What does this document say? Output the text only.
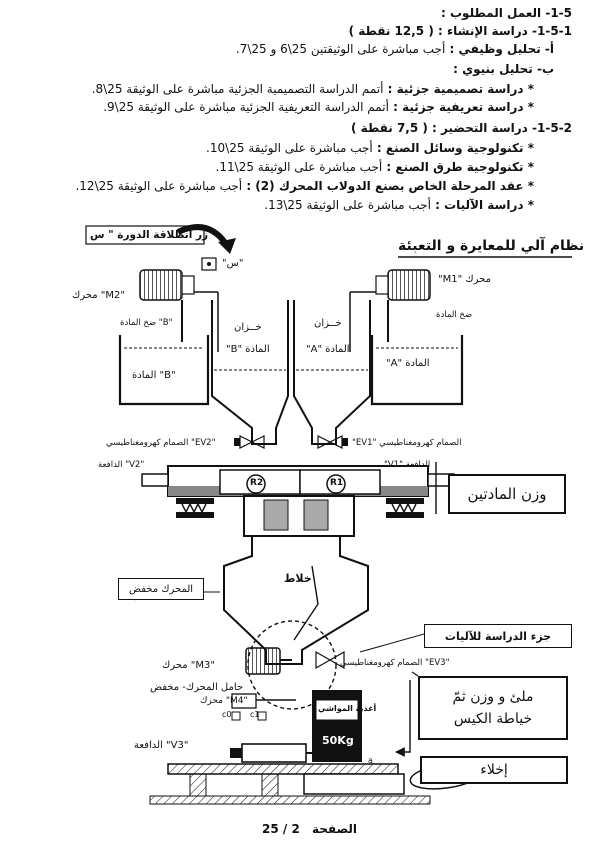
1-5- العمل المطلوب :
1-5-1- دراسة الإنشاء : ( 12,5 نقطة )
أ- تحليل وظيفي : أجب مباشرة على الوثيقتين 25\6 و 25\7.
ب- تحليل بنيوي :
* دراسة تصميمية جزئية : أتمم الدراسة التصميمية الجزئية مباشرة على الوثيقة 25\8.
* دراسة تعريفية جزئية : أتمم الدراسة التعريفية الجزئية مباشرة على الوثيقة 25\9.
1-5-2- دراسة التحضير : ( 7,5 نقطة )
* تكنولوجية وسائل الصنع : أجب مباشرة على الوثيقة 25\10.
* تكنولوجية طرق الصنع : أجب مباشرة على الوثيقة 25\11.
* عقد المرحلة الخاص بصنع الدولاب المحرك (2) : أجب مباشرة على الوثيقة 25\12.
* دراسة الآليات : أجب مباشرة على الوثيقة 25\13.
نظام آلي للمعايرة و التعبئة
زر انطلاقة الدورة " س
"س"
محرك "M1"
"M2" محرك
ضخ المادة
"B" ضخ المادة
المادة "A"
"B" المادة
خــزان	خــزان
المادة "B"	المادة "A"
"EV2" الصمام كهرومغناطيسي	الصمام كهرومغناطيسي "EV1"
"V2" الدافعة	الدافعة "V1"
R2	R1
وزن المادتين
خلاط
المحرك مخفض
جزء الدراسة للآليات
"EV3" الصمام كهرومغناطيسي
"M3" محرك
حامل المحرك- مخفض
"M4" محرك
c0 c1
أغذية المواشي
50Kg
a
ملئ و وزن ثمّ خياطة الكيس
"V3" الدافعة
إخلاء
الصفحة 2 / 25
